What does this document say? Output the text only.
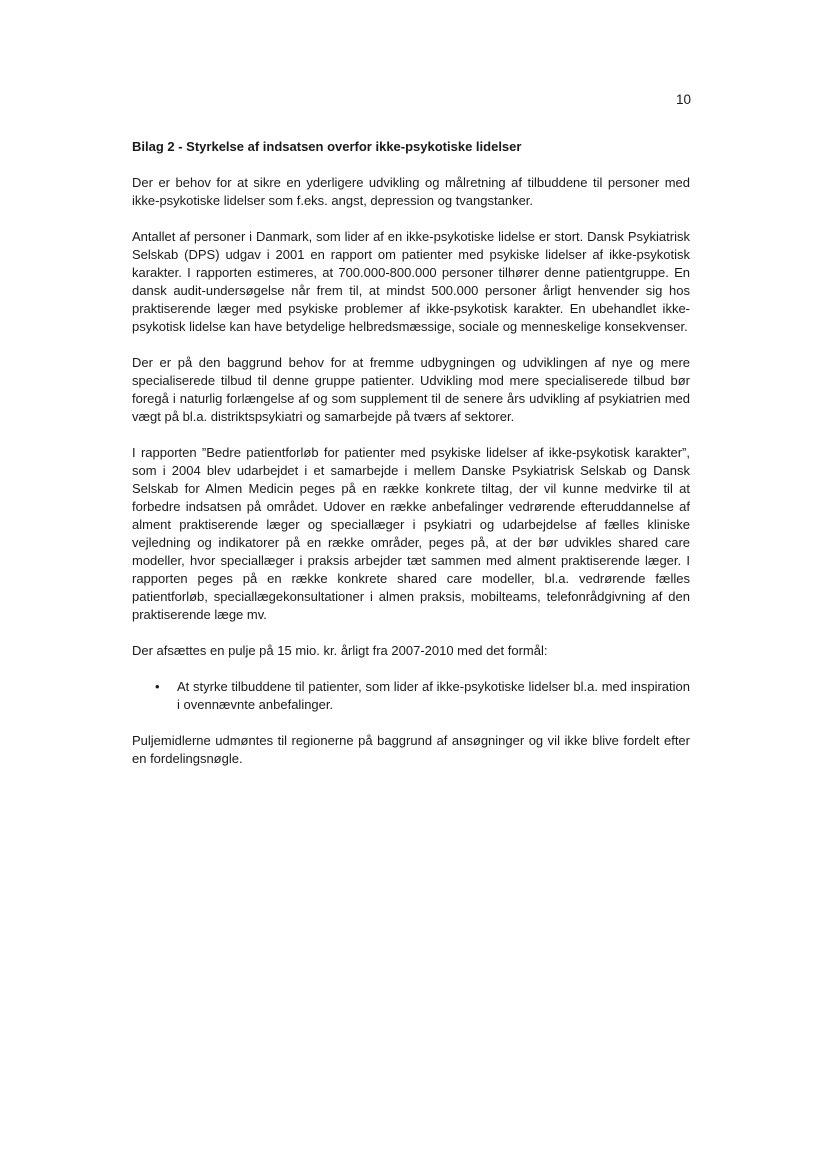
10

Bilag 2 - Styrkelse af indsatsen overfor ikke-psykotiske lidelser

Der er behov for at sikre en yderligere udvikling og målretning af tilbuddene til personer med ikke-psykotiske lidelser som f.eks. angst, depression og tvangstanker.

Antallet af personer i Danmark, som lider af en ikke-psykotiske lidelse er stort. Dansk Psykiatrisk Selskab (DPS) udgav i 2001 en rapport om patienter med psykiske lidelser af ikke-psykotisk karakter. I rapporten estimeres, at 700.000-800.000 personer tilhører denne patientgruppe. En dansk audit-undersøgelse når frem til, at mindst 500.000 personer årligt henvender sig hos praktiserende læger med psykiske problemer af ikke-psykotisk karakter. En ubehandlet ikke-psykotisk lidelse kan have betydelige helbredsmæssige, sociale og menneskelige konsekvenser.

Der er på den baggrund behov for at fremme udbygningen og udviklingen af nye og mere specialiserede tilbud til denne gruppe patienter. Udvikling mod mere specialiserede tilbud bør foregå i naturlig forlængelse af og som supplement til de senere års udvikling af psykiatrien med vægt på bl.a. distriktspsykiatri og samarbejde på tværs af sektorer.

I rapporten ”Bedre patientforløb for patienter med psykiske lidelser af ikke-psykotisk karakter”, som i 2004 blev udarbejdet i et samarbejde i mellem Danske Psykiatrisk Selskab og Dansk Selskab for Almen Medicin peges på en række konkrete tiltag, der vil kunne medvirke til at forbedre indsatsen på området. Udover en række anbefalinger vedrørende efteruddannelse af alment praktiserende læger og speciallæger i psykiatri og udarbejdelse af fælles kliniske vejledning og indikatorer på en række områder, peges på, at der bør udvikles shared care modeller, hvor speciallæger i praksis arbejder tæt sammen med alment praktiserende læger. I rapporten peges på en række konkrete shared care modeller, bl.a. vedrørende fælles patientforløb, speciallægekonsultationer i almen praksis, mobilteams, telefonrådgivning af den praktiserende læge mv.

Der afsættes en pulje på 15 mio. kr. årligt fra 2007-2010 med det formål:

• At styrke tilbuddene til patienter, som lider af ikke-psykotiske lidelser bl.a. med inspiration i ovennævnte anbefalinger.

Puljemidlerne udmøntes til regionerne på baggrund af ansøgninger og vil ikke blive fordelt efter en fordelingsnøgle.
